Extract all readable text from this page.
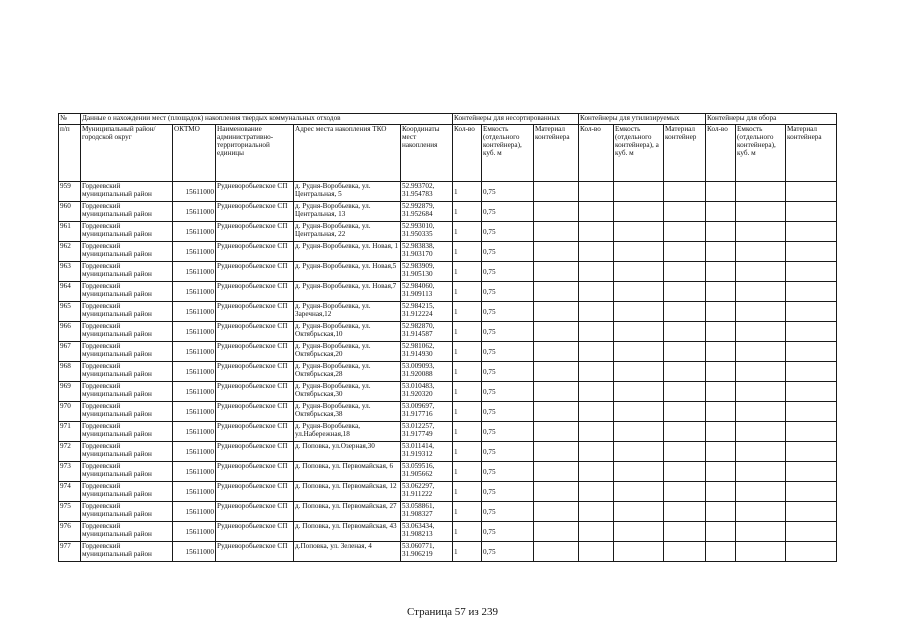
№	Данные о нахождении мест (площадок) накопления твердых коммунальных отходов					Контейнеры для несортированных			Контейнеры для утилизируемых			Контейнеры для обора		
п/п	Муниципальный район/городской округ	ОКТМО	Наименование административно-территориальной единицы	Адрес места накопления ТКО	Координаты мест накопления	Кол-во	Емкость (отдельного контейнера), куб. м	Материал контейнера	Кол-во	Емкость (отдельного контейнера), а куб. м	Материал контейнер	Кол-во	Емкость (отдельного контейнера), куб. м	Материал контейнера
959	Гордеевский муниципальный район	15611000	Рудневоробьевское СП	д. Рудня-Воробьевка, ул. Центральная, 5	52.993702, 31.954783	1	0,75							
960	Гордеевский муниципальный район	15611000	Рудневоробьевское СП	д. Рудня-Воробьевка, ул. Центральная, 13	52.992879, 31.952684	1	0,75							
961	Гордеевский муниципальный район	15611000	Рудневоробьевское СП	д. Рудня-Воробьевка, ул. Центральная, 22	52.993010, 31.950335	1	0,75							
962	Гордеевский муниципальный район	15611000	Рудневоробьевское СП	д. Рудня-Воробьевка, ул. Новая, 1	52.983838, 31.903170	1	0,75							
963	Гордеевский муниципальный район	15611000	Рудневоробьевское СП	д. Рудня-Воробьевка, ул. Новая,5	52.983909, 31.905130	1	0,75							
964	Гордеевский муниципальный район	15611000	Рудневоробьевское СП	д. Рудня-Воробьевка, ул. Новая,7	52.984060, 31.909113	1	0,75							
965	Гордеевский муниципальный район	15611000	Рудневоробьевское СП	д. Рудня-Воробьевка, ул. Заречная,12	52.984215, 31.912224	1	0,75							
966	Гордеевский муниципальный район	15611000	Рудневоробьевское СП	д. Рудня-Воробьевка, ул. Октябрьская,10	52.982870, 31.914587	1	0,75							
967	Гордеевский муниципальный район	15611000	Рудневоробьевское СП	д. Рудня-Воробьевка, ул. Октябрьская,20	52.981062, 31.914930	1	0,75							
968	Гордеевский муниципальный район	15611000	Рудневоробьевское СП	д. Рудня-Воробьевка, ул. Октябрьская,28	53.009093, 31.920088	1	0,75							
969	Гордеевский муниципальный район	15611000	Рудневоробьевское СП	д. Рудня-Воробьевка, ул. Октябрьская,30	53.010483, 31.920320	1	0,75							
970	Гордеевский муниципальный район	15611000	Рудневоробьевское СП	д. Рудня-Воробьевка, ул. Октябрьская,38	53.009697, 31.917716	1	0,75							
971	Гордеевский муниципальный район	15611000	Рудневоробьевское СП	д. Рудня-Воробьевка, ул.Набережная,18	53.012257, 31.917749	1	0,75							
972	Гордеевский муниципальный район	15611000	Рудневоробьевское СП	д. Поповка, ул.Озерная,30	53.011414, 31.919312	1	0,75							
973	Гордеевский муниципальный район	15611000	Рудневоробьевское СП	д. Поповка, ул. Первомайская, 6	53.059516, 31.905662	1	0,75							
974	Гордеевский муниципальный район	15611000	Рудневоробьевское СП	д. Поповка, ул. Первомайская, 12	53.062297, 31.911222	1	0,75							
975	Гордеевский муниципальный район	15611000	Рудневоробьевское СП	д. Поповка, ул. Первомайская, 27	53.058861, 31.908327	1	0,75							
976	Гордеевский муниципальный район	15611000	Рудневоробьевское СП	д. Поповка, ул. Первомайская, 43	53.063434, 31.908213	1	0,75							
977	Гордеевский муниципальный район	15611000	Рудневоробьевское СП	д.Поповка, ул. Зеленая, 4	53.060771, 31.906219	1	0,75							
Страница 57 из 239
